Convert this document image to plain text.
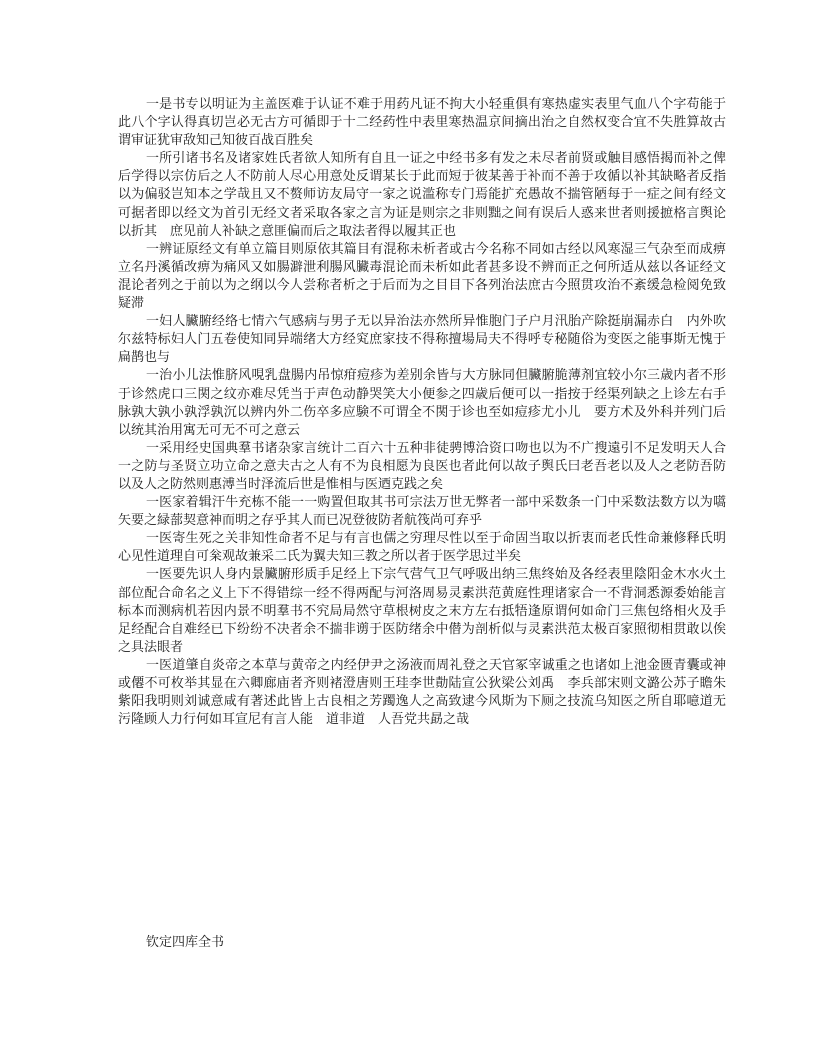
一是书专以明证为主盖医难于认证不难于用药凡证不拘大小轻重俱有寒热虚实表里气血八个字苟能于此八个字认得真切岂必无古方可循即于十二经药性中表里寒热温京间摘出治之自然权变合宜不失胜算故古谓审证犹审敌知己知彼百战百胜矣

一所引诸书名及诸家姓氏者欲人知所有自且一证之中经书多有发之未尽者前贤或触目感悟揭而补之俾后学得以宗仿后之人不防前人尽心用意处反谓某长于此而短于彼某善于补而不善于攻循以补其缺略者反指以为偏驳岂知本之学哉且又不赘师访友局守一家之说滥称专门焉能扩充愚故不揣管陋每于一症之间有经文可据者即以经文为首引无经文者采取各家之言为证是则宗之非则黜之间有误后人惑来世者则援摭格言舆论以折其　庶见前人补缺之意匪偏而后之取法者得以履其正也

一辨证原经文有单立篇目则原依其篇目有混称未析者或古今名称不同如古经以风寒湿三气杂至而成痹立名丹溪循改痹为痛风又如腸澼泄利腸风臟毒混论而未析如此者甚多设不辨而正之何所适从兹以各证经文混论者列之于前以为之纲以今人尝称者析之于后而为之目目下各列治法庶古今照贯攻治不紊缓急检阅免致疑滞

一妇人臟腑经络七情六气感病与男子无以异治法亦然所异惟胞门子户月汛胎产除挺崩漏赤白　内外吹尔兹特标妇人门五卷使知同异端绪大方经䆒庶家技不得称擅場局夫不得呼专秘随俗为变医之能事斯无愧于扁鹊也与

一治小儿法惟脐风哯乳盘腸内吊惊疳痘疹为差别余皆与大方脉同但臟腑脆薄剂宜较小尔三歳内者不形于诊然虎口三関之纹亦难尽凭当于声色动静哭笑大小便参之四歳后便可以一指按于经渠列缺之上诊左右手脉孰大孰小孰浮孰沉以辨内外二伤卒多应験不可谓全不関于诊也至如痘疹尤小儿　要方术及外科并列门后以统其治用寓无可无不可之意云

一采用经史国典羣书诸杂家言统计二百六十五种非徒骋博洽资口吻也以为不广搜遠引不足发明天人合一之防与圣贤立功立命之意夫古之人有不为良相愿为良医也者此何以故子舆氏曰老吾老以及人之老防吾防以及人之防然则惠溥当时泽流后世是惟相与医迺克践之矣

一医家着辑汗牛充栋不能一一购置但取其书可宗法万世无弊者一部中采数条一门中采数法数方以为嚆矢要之緑蔀契意神而明之存乎其人而已况登彼防者航筏尚可弃乎

一医寄生死之关非知性命者不足与有言也儒之穷理尽性以至于命固当取以折衷而老氏性命兼修释氏明心见性道理自可枀观故兼采二氏为翼夫知三教之所以者于医学思过半矣

一医要先识人身内景臟腑形质手足经上下宗气营气卫气呼吸出纳三焦终始及各经表里陰阳金木水火土部位配合命名之义上下不得错综一经不得两配与河洛周易灵素洪范黄庭性理诸家合一不背洞悉源委始能言标本而测病机若因内景不明羣书不究局局然守草根树皮之末方左右抵牾逢原谓何如命门三焦包络相火及手足经配合自难经已下纷纷不决者余不揣非谫于医防绪余中僣为剖析似与灵素洪范太极百家照彻相贯敢以俟之具法眼者

一医道肇自炎帝之本草与黄帝之内经伊尹之汤液而周礼登之天官冢宰诚重之也诸如上池金匮青囊或神或僊不可枚举其显在六卿廊庙者齐则褚澄唐则王珪李世勣陆宣公狄梁公刘禹　李兵部宋则文潞公苏子瞻朱紫阳我明则刘诚意咸有著述此皆上古良相之芳躅逸人之高致逮今风斯为下厕之技流乌知医之所自耶噫道无污隆顾人力行何如耳宣尼有言人能　道非道　人吾党共勗之哉

钦定四库全书
